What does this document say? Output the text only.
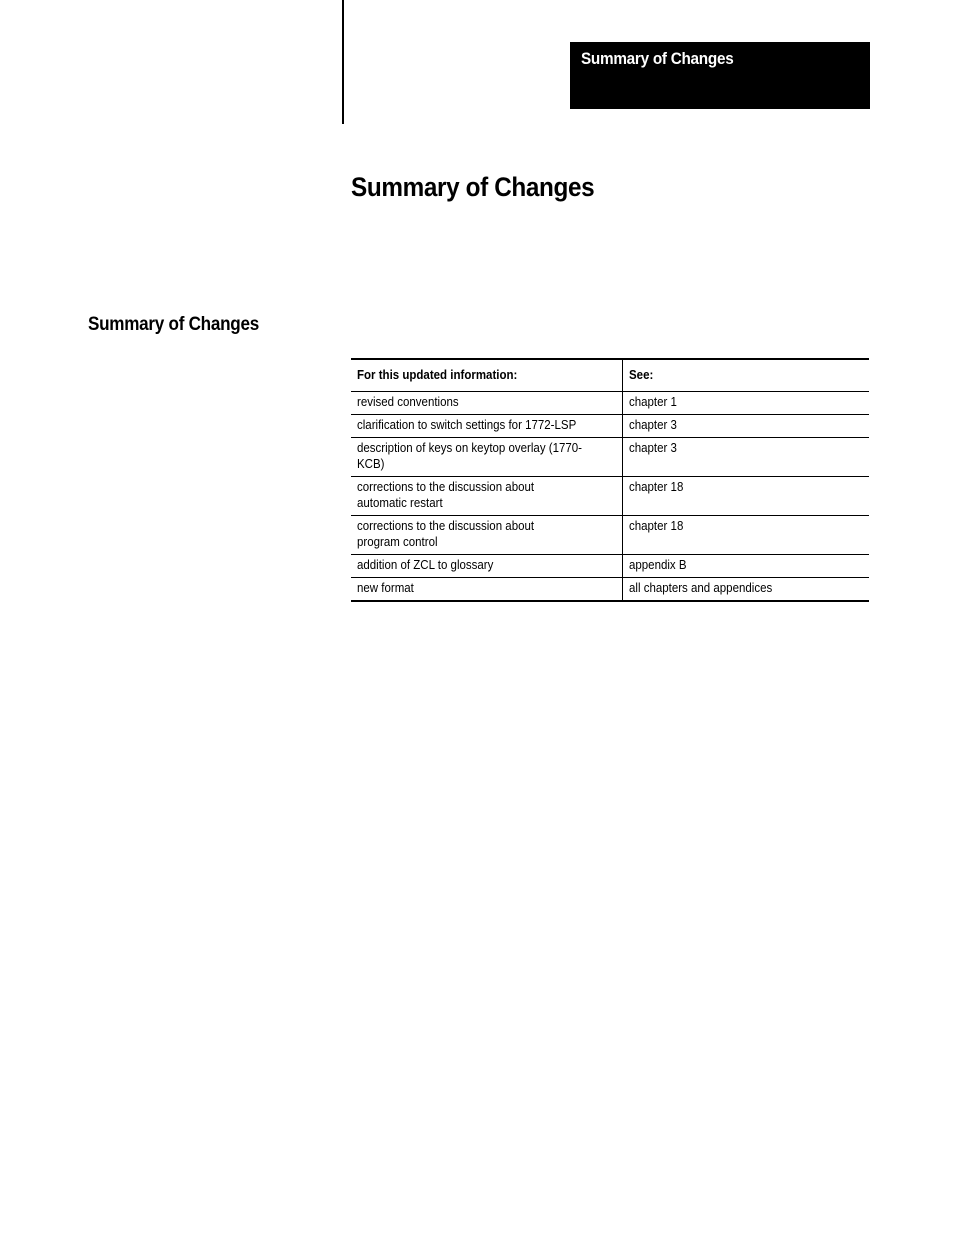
Summary of Changes
Summary of Changes
Summary of Changes
For this updated information:	See:
revised conventions	chapter 1
clarification to switch settings for 1772-LSP	chapter 3
description of keys on keytop overlay (1770-KCB)	chapter 3
corrections to the discussion about
automatic restart	chapter 18
corrections to the discussion about
program control	chapter 18
addition of ZCL to glossary	appendix B
new format	all chapters and appendices
